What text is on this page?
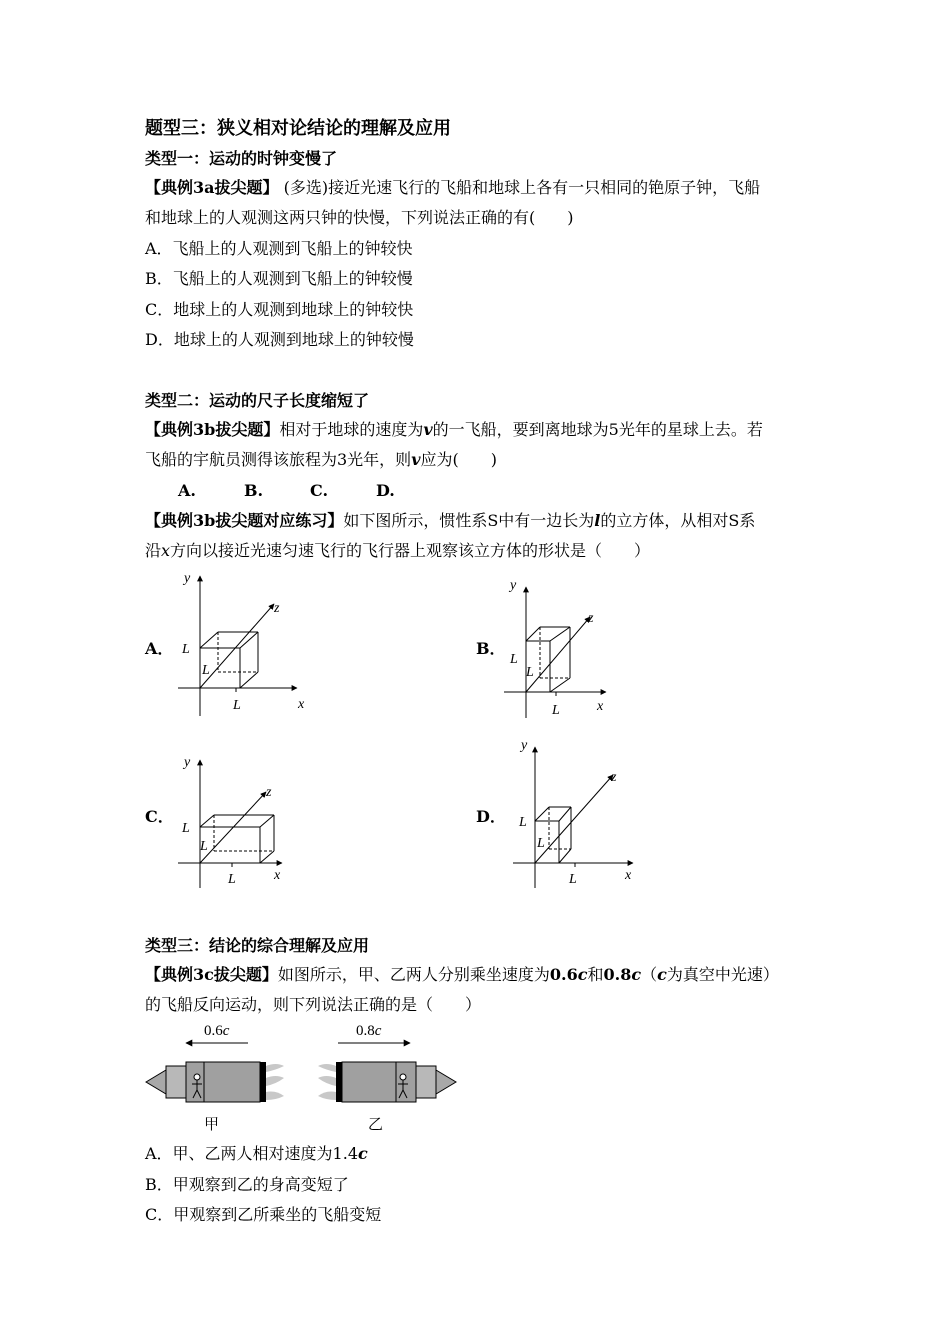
题型三：狭义相对论结论的理解及应用
类型一：运动的时钟变慢了
【典例3a拔尖题】 (多选)接近光速飞行的飞船和地球上各有一只相同的铯原子钟，飞船
和地球上的人观测这两只钟的快慢，下列说法正确的有(　　)
A．飞船上的人观测到飞船上的钟较快
B．飞船上的人观测到飞船上的钟较慢
C．地球上的人观测到地球上的钟较快
D．地球上的人观测到地球上的钟较慢
类型二：运动的尺子长度缩短了
【典例3b拔尖题】相对于地球的速度为v的一飞船，要到离地球为5光年的星球上去。若
飞船的宇航员测得该旅程为3光年，则v应为(　　)
A.	B.	C.	D.
【典例3b拔尖题对应练习】如下图所示，惯性系S中有一边长为l的立方体，从相对S系
沿x方向以接近光速匀速飞行的飞行器上观察该立方体的形状是（　　）
A．	B．
C．	D．
y
x
z
L
L
L
y
x
z
L
L
L
y
x
z
L
L
L
y
x
z
L
L
L
类型三：结论的综合理解及应用
【典例3c拔尖题】如图所示，甲、乙两人分别乘坐速度为0.6c和0.8c（c为真空中光速）
的飞船反向运动，则下列说法正确的是（　　）
0.6c	0.8c
甲	乙
A．甲、乙两人相对速度为1.4c
B．甲观察到乙的身高变短了
C．甲观察到乙所乘坐的飞船变短
